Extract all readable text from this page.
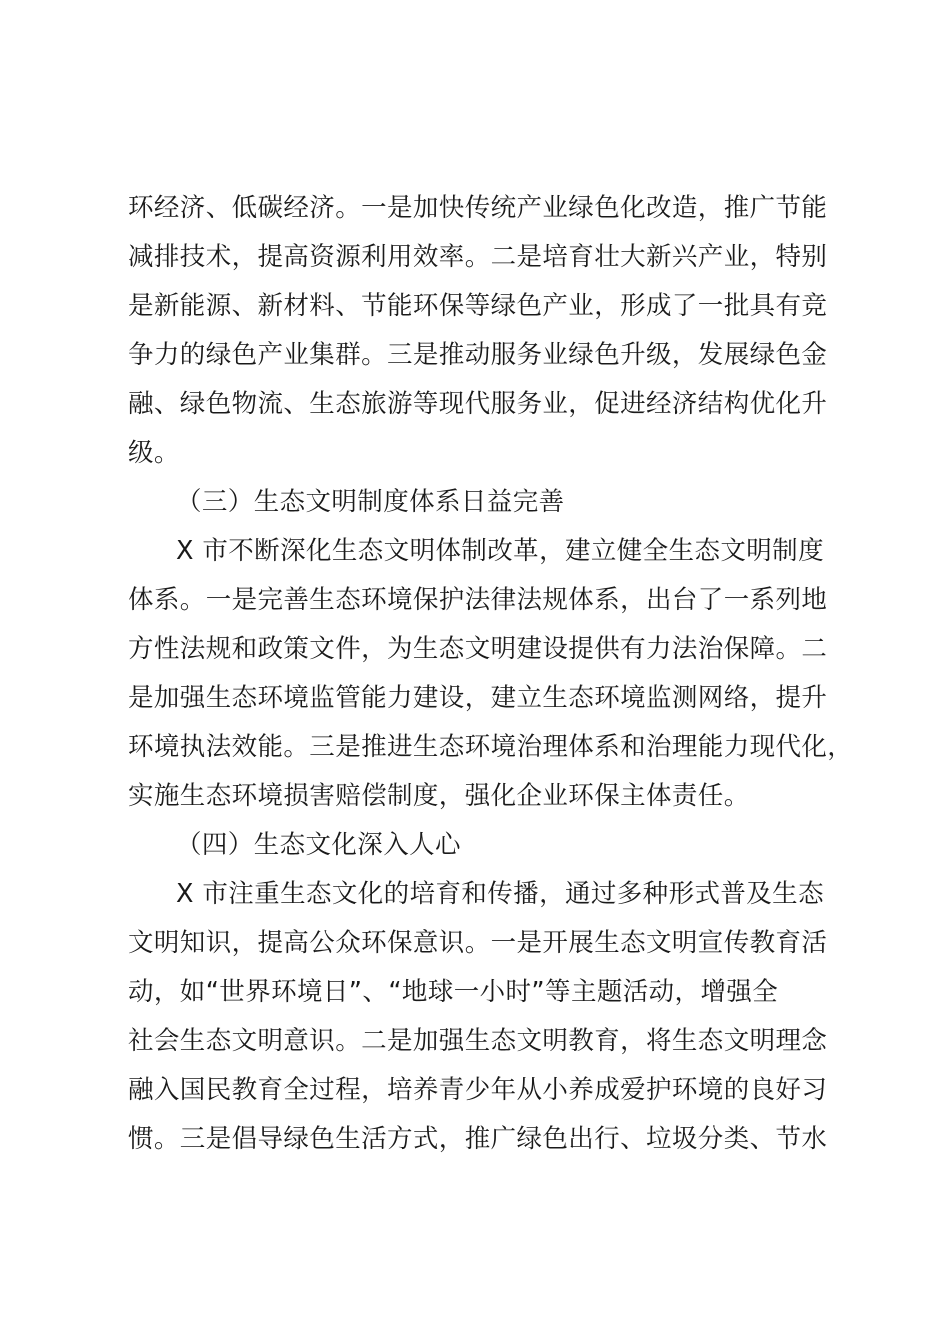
环经济、低碳经济。一是加快传统产业绿色化改造，推广节能
减排技术，提高资源利用效率。二是培育壮大新兴产业，特别
是新能源、新材料、节能环保等绿色产业，形成了一批具有竞
争力的绿色产业集群。三是推动服务业绿色升级，发展绿色金
融、绿色物流、生态旅游等现代服务业，促进经济结构优化升
级。
（三）生态文明制度体系日益完善
X 市不断深化生态文明体制改革，建立健全生态文明制度
体系。一是完善生态环境保护法律法规体系，出台了一系列地
方性法规和政策文件，为生态文明建设提供有力法治保障。二
是加强生态环境监管能力建设，建立生态环境监测网络，提升
环境执法效能。三是推进生态环境治理体系和治理能力现代化，
实施生态环境损害赔偿制度，强化企业环保主体责任。
（四）生态文化深入人心
X 市注重生态文化的培育和传播，通过多种形式普及生态
文明知识，提高公众环保意识。一是开展生态文明宣传教育活
动，如“世界环境日”、“地球一小时”等主题活动，增强全
社会生态文明意识。二是加强生态文明教育，将生态文明理念
融入国民教育全过程，培养青少年从小养成爱护环境的良好习
惯。三是倡导绿色生活方式，推广绿色出行、垃圾分类、节水
